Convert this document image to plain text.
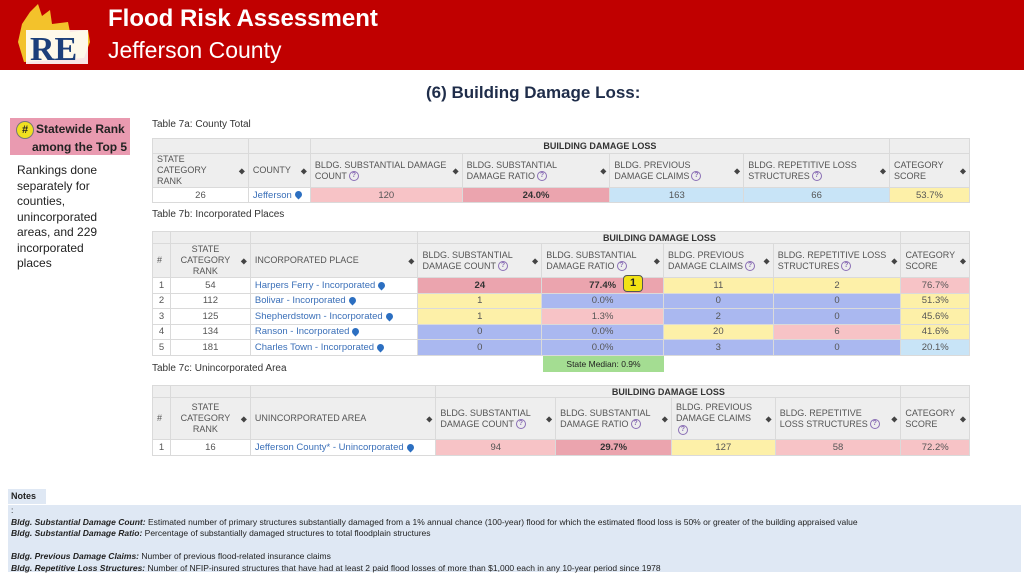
RE
Flood Risk Assessment
Jefferson County
(6) Building Damage Loss:
# Statewide Rank
among the Top 5
Rankings done separately for counties, unincorporated areas, and 229 incorporated places
Table 7a: County Total
		BUILDING DAMAGE LOSS				
STATE CATEGORY RANK
◆	COUNTY ◆	BLDG. SUBSTANTIAL DAMAGE COUNT ?
◆	BLDG. SUBSTANTIAL DAMAGE RATIO ?
◆	BLDG. PREVIOUS DAMAGE CLAIMS ?
◆	BLDG. REPETITIVE LOSS STRUCTURES ?
◆	CATEGORY SCORE ◆

26	Jefferson	120	24.0%	163	66	53.7%
Table 7b: Incorporated Places
			BUILDING DAMAGE LOSS				
#	STATE CATEGORY RANK
◆	INCORPORATED PLACE ◆	BLDG. SUBSTANTIAL DAMAGE COUNT ?
◆	BLDG. SUBSTANTIAL DAMAGE RATIO ?
◆	BLDG. PREVIOUS DAMAGE CLAIMS ?
◆	BLDG. REPETITIVE LOSS STRUCTURES ?
◆	CATEGORY SCORE ◆

1	54	Harpers Ferry - Incorporated	24	77.4%	11	2	76.7%
2	112	Bolivar - Incorporated	1	0.0%	0	0	51.3%
3	125	Shepherdstown - Incorporated	1	1.3%	2	0	45.6%
4	134	Ranson - Incorporated	0	0.0%	20	6	41.6%
5	181	Charles Town - Incorporated	0	0.0%	3	0	20.1%
1
State Median: 0.9%
Table 7c: Unincorporated Area
			BUILDING DAMAGE LOSS				
#	STATE CATEGORY RANK
◆	UNINCORPORATED AREA ◆	BLDG. SUBSTANTIAL DAMAGE COUNT ?
◆	BLDG. SUBSTANTIAL DAMAGE RATIO ?
◆	BLDG. PREVIOUS DAMAGE CLAIMS?
◆	BLDG. REPETITIVE LOSS STRUCTURES ?
◆	CATEGORY SCORE ◆

1	16	Jefferson County* - Unincorporated	94	29.7%	127	58	72.2%
Notes
:
Bldg. Substantial Damage Count: Estimated number of primary structures substantially damaged from a 1% annual chance (100-year) flood for which the estimated flood loss is 50% or greater of the building appraised value
Bldg. Substantial Damage Ratio: Percentage of substantially damaged structures to total floodplain structures
Bldg. Previous Damage Claims: Number of previous flood-related insurance claims
Bldg. Repetitive Loss Structures: Number of NFIP-insured structures that have had at least 2 paid flood losses of more than $1,000 each in any 10-year period since 1978
